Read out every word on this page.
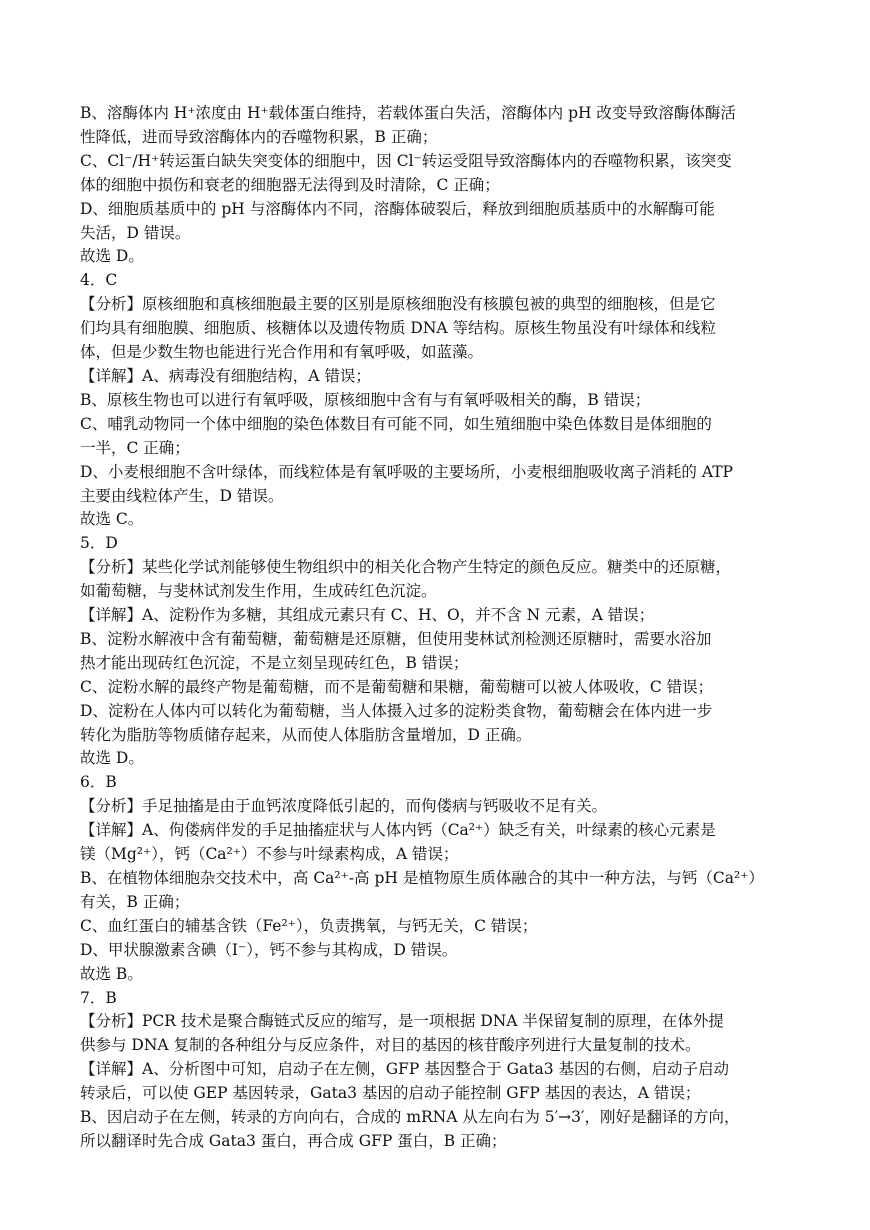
B、溶酶体内 H⁺浓度由 H⁺载体蛋白维持，若载体蛋白失活，溶酶体内 pH 改变导致溶酶体酶活
性降低，进而导致溶酶体内的吞噬物积累，B 正确；
C、Cl⁻/H⁺转运蛋白缺失突变体的细胞中，因 Cl⁻转运受阻导致溶酶体内的吞噬物积累，该突变
体的细胞中损伤和衰老的细胞器无法得到及时清除，C 正确；
D、细胞质基质中的 pH 与溶酶体内不同，溶酶体破裂后，释放到细胞质基质中的水解酶可能
失活，D 错误。
故选 D。
4．C
【分析】原核细胞和真核细胞最主要的区别是原核细胞没有核膜包被的典型的细胞核，但是它
们均具有细胞膜、细胞质、核糖体以及遗传物质 DNA 等结构。原核生物虽没有叶绿体和线粒
体，但是少数生物也能进行光合作用和有氧呼吸，如蓝藻。
【详解】A、病毒没有细胞结构，A 错误；
B、原核生物也可以进行有氧呼吸，原核细胞中含有与有氧呼吸相关的酶，B 错误；
C、哺乳动物同一个体中细胞的染色体数目有可能不同，如生殖细胞中染色体数目是体细胞的
一半，C 正确；
D、小麦根细胞不含叶绿体，而线粒体是有氧呼吸的主要场所，小麦根细胞吸收离子消耗的 ATP
主要由线粒体产生，D 错误。
故选 C。
5．D
【分析】某些化学试剂能够使生物组织中的相关化合物产生特定的颜色反应。糖类中的还原糖，
如葡萄糖，与斐林试剂发生作用，生成砖红色沉淀。
【详解】A、淀粉作为多糖，其组成元素只有 C、H、O，并不含 N 元素，A 错误；
B、淀粉水解液中含有葡萄糖，葡萄糖是还原糖，但使用斐林试剂检测还原糖时，需要水浴加
热才能出现砖红色沉淀，不是立刻呈现砖红色，B 错误；
C、淀粉水解的最终产物是葡萄糖，而不是葡萄糖和果糖，葡萄糖可以被人体吸收，C 错误；
D、淀粉在人体内可以转化为葡萄糖，当人体摄入过多的淀粉类食物，葡萄糖会在体内进一步
转化为脂肪等物质储存起来，从而使人体脂肪含量增加，D 正确。
故选 D。
6．B
【分析】手足抽搐是由于血钙浓度降低引起的，而佝偻病与钙吸收不足有关。
【详解】A、佝偻病伴发的手足抽搐症状与人体内钙（Ca²⁺）缺乏有关，叶绿素的核心元素是
镁（Mg²⁺），钙（Ca²⁺）不参与叶绿素构成，A 错误；
B、在植物体细胞杂交技术中，高 Ca²⁺-高 pH 是植物原生质体融合的其中一种方法，与钙（Ca²⁺）
有关，B 正确；
C、血红蛋白的辅基含铁（Fe²⁺），负责携氧，与钙无关，C 错误；
D、甲状腺激素含碘（I⁻），钙不参与其构成，D 错误。
故选 B。
7．B
【分析】PCR 技术是聚合酶链式反应的缩写，是一项根据 DNA 半保留复制的原理，在体外提
供参与 DNA 复制的各种组分与反应条件，对目的基因的核苷酸序列进行大量复制的技术。
【详解】A、分析图中可知，启动子在左侧，GFP 基因整合于 Gata3 基因的右侧，启动子启动
转录后，可以使 GEP 基因转录，Gata3 基因的启动子能控制 GFP 基因的表达，A 错误；
B、因启动子在左侧，转录的方向向右，合成的 mRNA 从左向右为 5′→3′，刚好是翻译的方向，
所以翻译时先合成 Gata3 蛋白，再合成 GFP 蛋白，B 正确；
